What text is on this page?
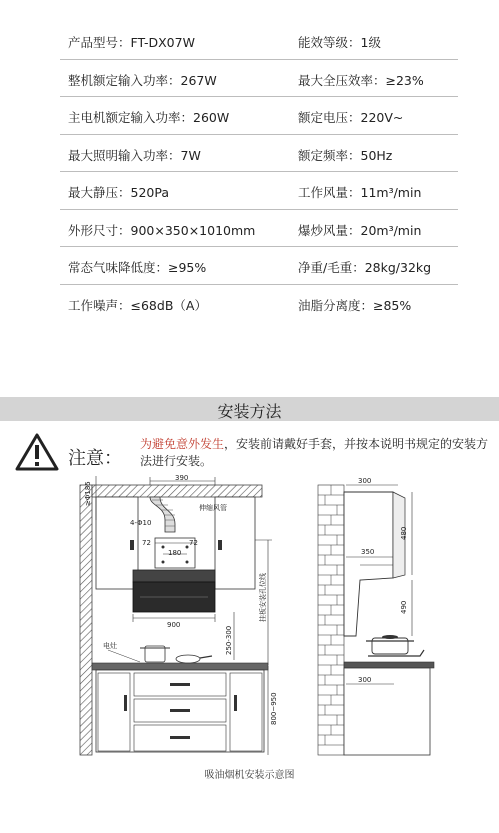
产品型号：FT-DX07W	能效等级：1级
整机额定输入功率：267W	最大全压效率：≥23%
主电机额定输入功率：260W	额定电压：220V~
最大照明输入功率：7W	额定频率：50Hz
最大静压：520Pa	工作风量：11m³/min
外形尺寸：900×350×1010mm	爆炒风量：20m³/min
常态气味降低度：≥95%	净重/毛重：28kg/32kg
工作噪声：≤68dB（A）	油脂分离度：≥85%
安装方法
注意：
为避免意外发生，安装前请戴好手套，并按本说明书规定的安装方法进行安装。
≥Φ185
390
伸缩风管
4-Φ10
72	72
180
900
挂板安装孔位线
250-300
电灶
800~950
300
480
350
490
300
吸油烟机安装示意图
